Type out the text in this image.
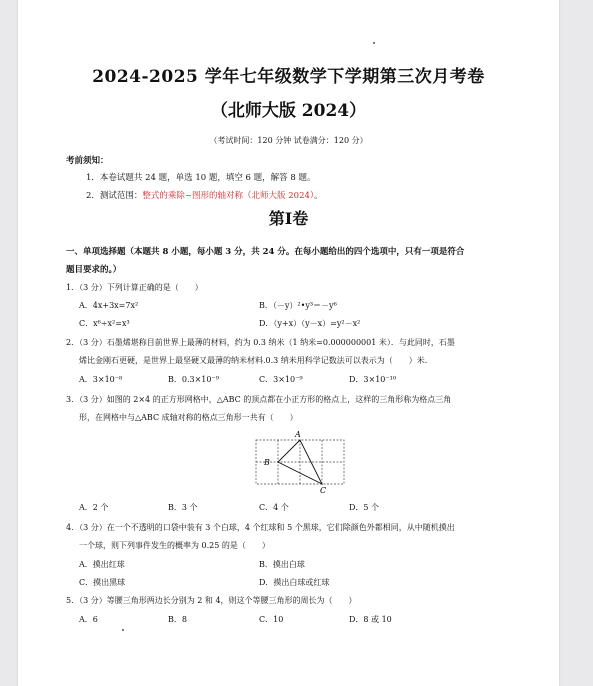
2024-2025 学年七年级数学下学期第三次月考卷
（北师大版 2024）
（考试时间：120 分钟 试卷满分：120 分）
考前须知：
1．本卷试题共 24 题，单选 10 题，填空 6 题，解答 8 题。
2．测试范围：整式的乘除~图形的轴对称（北师大版 2024）。
第Ⅰ卷
一、单项选择题（本题共 8 小题，每小题 3 分，共 24 分。在每小题给出的四个选项中，只有一项是符合
题目要求的。）
1．（3 分）下列计算正确的是（　　）
A．4x+3x=7x²	B．（－y）²•y³＝－y⁶
C．x⁶÷x²=x³	D．（y+x）（y－x）=y²－x²
2．（3 分）石墨烯堪称目前世界上最薄的材料，约为 0.3 纳米（1 纳米=0.000000001 米）．与此同时，石墨
烯比金刚石更硬，是世界上最坚硬又最薄的纳米材料.0.3 纳米用科学记数法可以表示为（　　）米.
A．3×10⁻⁸	B．0.3×10⁻⁹	C．3×10⁻⁹	D．3×10⁻¹⁰
3．（3 分）如图的 2×4 的正方形网格中，△ABC 的顶点都在小正方形的格点上，这样的三角形称为格点三角
形，在网格中与△ABC 成轴对称的格点三角形一共有（　　）
A
B
C
A．2 个	B．3 个	C．4 个	D．5 个
4．（3 分）在一个不透明的口袋中装有 3 个白球，4 个红球和 5 个黑球，它们除颜色外都相同，从中随机摸出
一个球，则下列事件发生的概率为 0.25 的是（　　）
A．摸出红球	B．摸出白球
C．摸出黑球	D．摸出白球或红球
5．（3 分）等腰三角形两边长分别为 2 和 4，则这个等腰三角形的周长为（　　）
A．6	B．8	C．10	D．8 或 10
